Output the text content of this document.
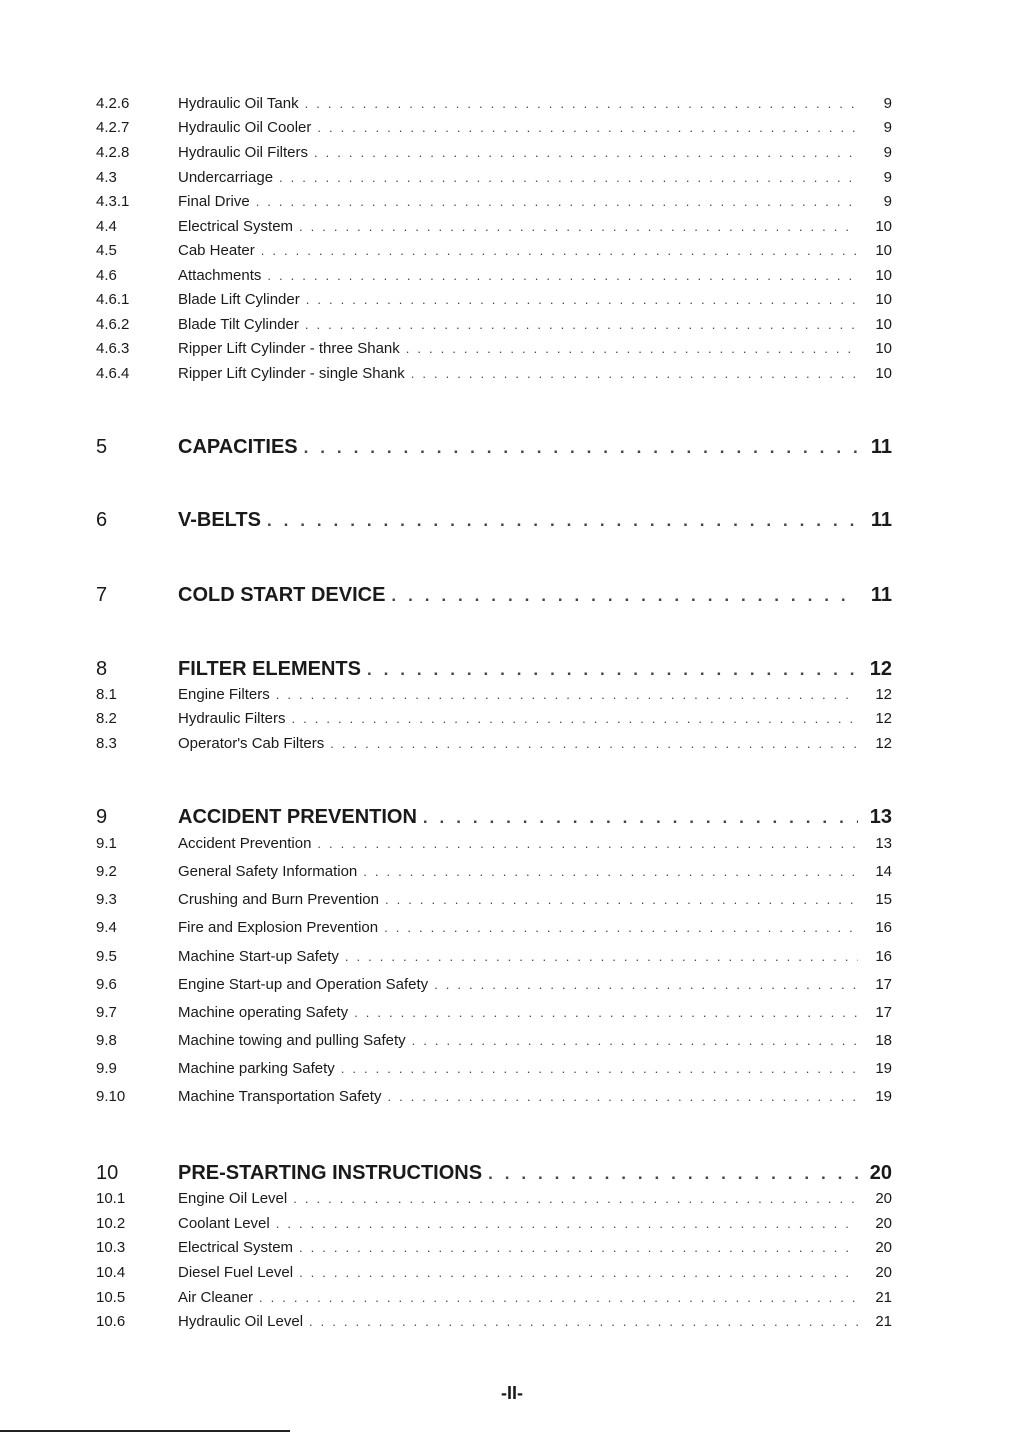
4.2.6	Hydraulic Oil Tank . . .	9
4.2.7	Hydraulic Oil Cooler . . .	9
4.2.8	Hydraulic Oil Filters . . .	9
4.3	Undercarriage . . .	9
4.3.1	Final Drive . . .	9
4.4	Electrical System . . .	10
4.5	Cab Heater . . .	10
4.6	Attachments . . .	10
4.6.1	Blade Lift Cylinder . . .	10
4.6.2	Blade Tilt Cylinder . . .	10
4.6.3	Ripper Lift Cylinder - three Shank . . .	10
4.6.4	Ripper Lift Cylinder - single Shank . . .	10
5	CAPACITIES . . .	11
6	V-BELTS . . .	11
7	COLD START DEVICE . . .	11
8	FILTER ELEMENTS . . .	12
8.1	Engine Filters . . .	12
8.2	Hydraulic Filters . . .	12
8.3	Operator's Cab Filters . . .	12
9	ACCIDENT PREVENTION . . .	13
9.1	Accident Prevention . . .	13
9.2	General Safety Information . . .	14
9.3	Crushing and Burn Prevention . . .	15
9.4	Fire and Explosion Prevention . . .	16
9.5	Machine Start-up Safety . . .	16
9.6	Engine Start-up and Operation Safety . . .	17
9.7	Machine operating Safety . . .	17
9.8	Machine towing and pulling Safety . . .	18
9.9	Machine parking Safety . . .	19
9.10	Machine Transportation Safety . . .	19
10	PRE-STARTING INSTRUCTIONS . . .	20
10.1	Engine Oil Level . . .	20
10.2	Coolant Level . . .	20
10.3	Electrical System . . .	20
10.4	Diesel Fuel Level . . .	20
10.5	Air Cleaner . . .	21
10.6	Hydraulic Oil Level . . .	21
-II-
